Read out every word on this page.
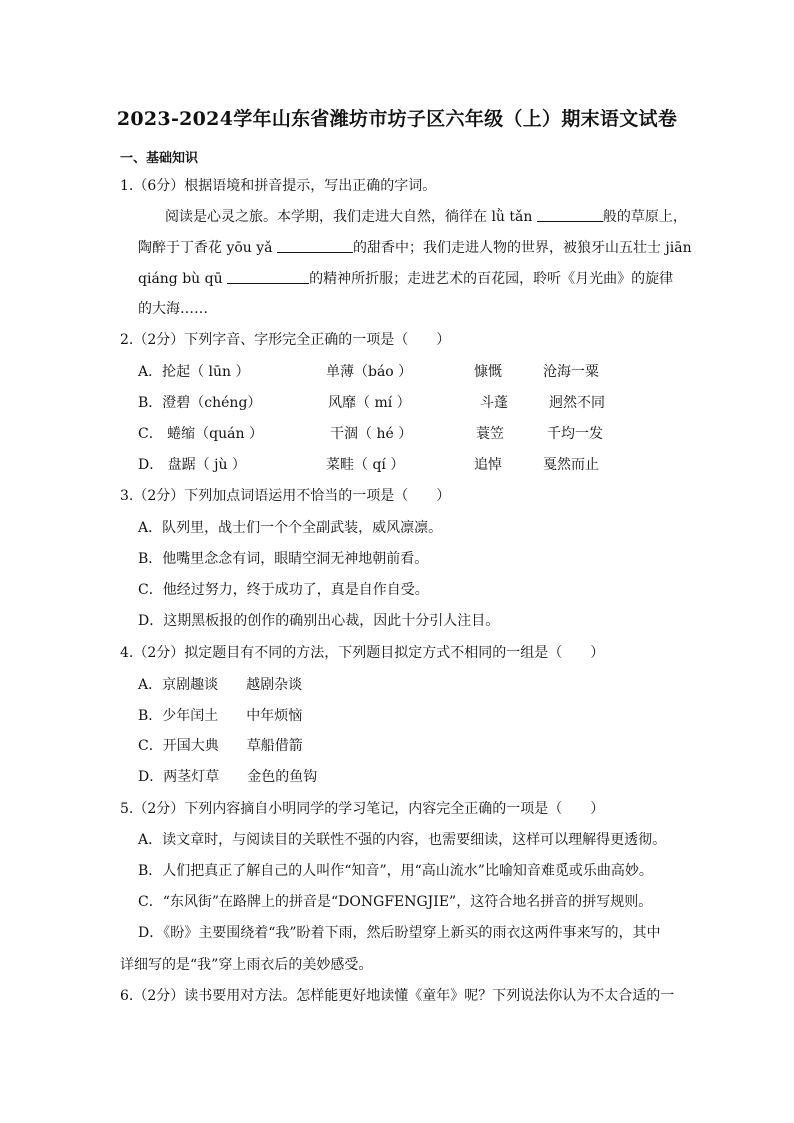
2023-2024学年山东省潍坊市坊子区六年级（上）期末语文试卷
一、基础知识
1.（6分）根据语境和拼音提示，写出正确的字词。
阅读是心灵之旅。本学期，我们走进大自然，徜徉在 lǜ tǎn	般的草原上，
陶醉于丁香花 yōu yǎ	的甜香中；我们走进人物的世界，被狼牙山五壮士 jiān
qiáng bù qū	的精神所折服；走进艺术的百花园，聆听《月光曲》的旋律
的大海……
2.（2分）下列字音、字形完全正确的一项是（　　）
A．抡起（ lūn ）	单薄（báo ）	慷慨	沧海一粟
B．澄碧（chéng）	风靡（ mí ）	斗蓬	迥然不同
C． 蜷缩（quán ）	干涸（ hé ）	蓑笠	千均一发
D． 盘踞（ jù ）	菜畦（ qí ）	追悼	戛然而止
3.（2分）下列加点词语运用不恰当的一项是（　　）
A．队列里，战士们一个个全副武装，威风凛凛。
B．他嘴里念念有词，眼睛空洞无神地朝前看。
C．他经过努力，终于成功了，真是自作自受。
D．这期黑板报的创作的确别出心裁，因此十分引人注目。
4.（2分）拟定题目有不同的方法，下列题目拟定方式不相同的一组是（　　）
A．京剧趣谈　　越剧杂谈
B．少年闰土　　中年烦恼
C．开国大典　　草船借箭
D．两茎灯草　　金色的鱼钩
5.（2分）下列内容摘自小明同学的学习笔记，内容完全正确的一项是（　　）
A．读文章时，与阅读目的关联性不强的内容，也需要细读，这样可以理解得更透彻。
B．人们把真正了解自己的人叫作“知音”，用“高山流水”比喻知音难觅或乐曲高妙。
C．“东风街”在路牌上的拼音是“DONGFENGJIE”，这符合地名拼音的拼写规则。
D．《盼》主要围绕着“我”盼着下雨，然后盼望穿上新买的雨衣这两件事来写的，其中
详细写的是“我”穿上雨衣后的美妙感受。
6.（2分）读书要用对方法。怎样能更好地读懂《童年》呢？下列说法你认为不太合适的一
